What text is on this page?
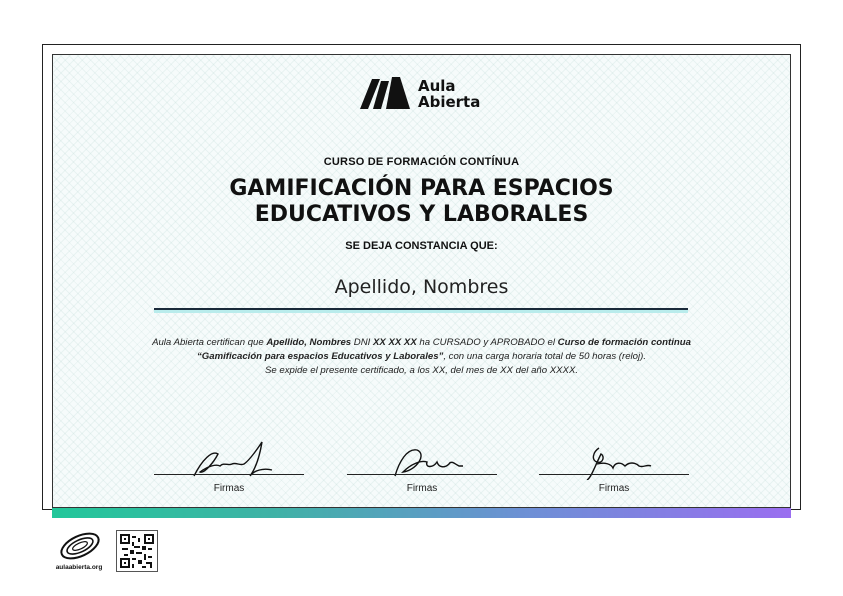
Aula
Abierta
CURSO DE FORMACIÓN CONTÍNUA
GAMIFICACIÓN PARA ESPACIOS
EDUCATIVOS Y LABORALES
SE DEJA CONSTANCIA QUE:
Apellido, Nombres
Aula Abierta certifican que Apellido, Nombres DNI XX XX XX ha CURSADO y APROBADO el Curso de formación continua “Gamificación para espacios Educativos y Laborales”, con una carga horaria total de 50 horas (reloj).
Se expide el presente certificado, a los XX, del mes de XX del año XXXX.
Firmas	Firmas	Firmas
aulaabierta.org
